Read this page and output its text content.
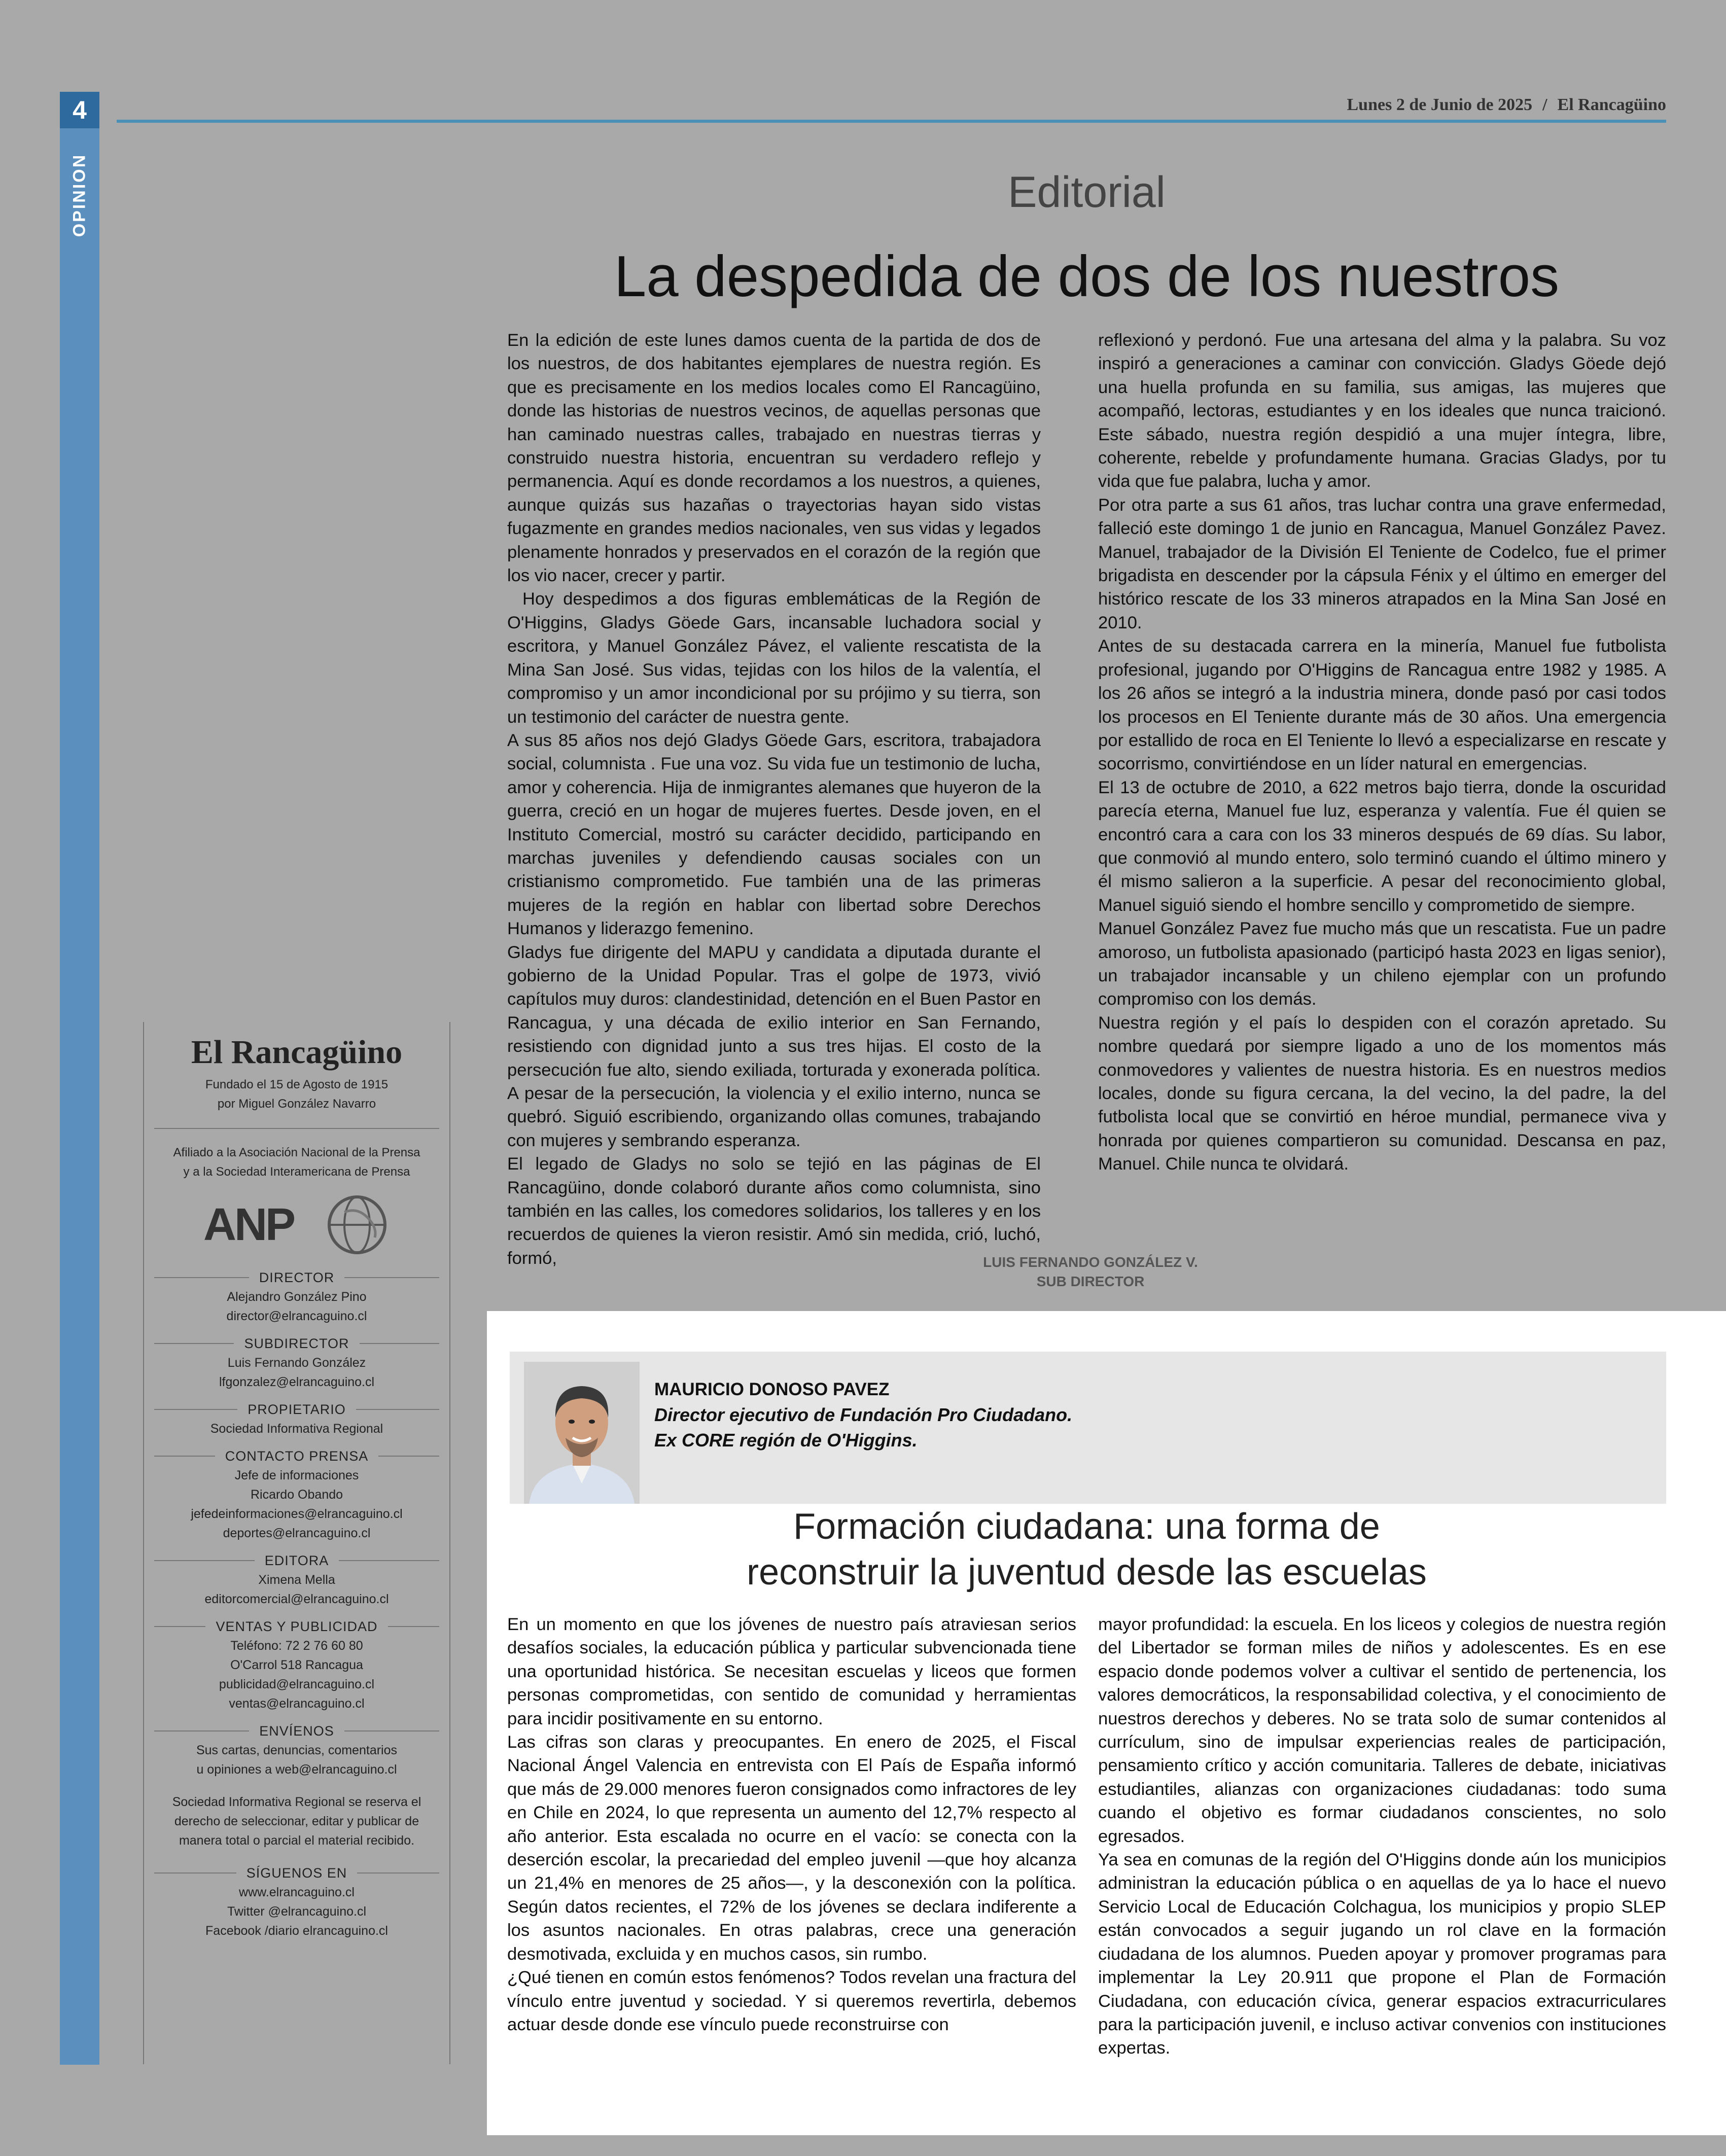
4
OPINION
Lunes 2 de Junio de 2025 / El Rancagüino
Editorial
La despedida de dos de los nuestros

En la edición de este lunes damos cuenta de la partida de dos de los nuestros, de dos habitantes ejemplares de nuestra región. Es que es precisamente en los medios locales como El Rancagüino, donde las historias de nuestros vecinos, de aquellas personas que han caminado nuestras calles, trabajado en nuestras tierras y construido nuestra historia, encuentran su verdadero reflejo y permanencia. Aquí es donde recordamos a los nuestros, a quienes, aunque quizás sus hazañas o trayectorias hayan sido vistas fugazmente en grandes medios nacionales, ven sus vidas y legados plenamente honrados y preservados en el corazón de la región que los vio nacer, crecer y partir.

Hoy despedimos a dos figuras emblemáticas de la Región de O'Higgins, Gladys Göede Gars, incansable luchadora social y escritora, y Manuel González Pávez, el valiente rescatista de la Mina San José. Sus vidas, tejidas con los hilos de la valentía, el compromiso y un amor incondicional por su prójimo y su tierra, son un testimonio del carácter de nuestra gente.

A sus 85 años nos dejó Gladys Göede Gars, escritora, trabajadora social, columnista . Fue una voz. Su vida fue un testimonio de lucha, amor y coherencia. Hija de inmigrantes alemanes que huyeron de la guerra, creció en un hogar de mujeres fuertes. Desde joven, en el Instituto Comercial, mostró su carácter decidido, participando en marchas juveniles y defendiendo causas sociales con un cristianismo comprometido. Fue también una de las primeras mujeres de la región en hablar con libertad sobre Derechos Humanos y liderazgo femenino.

Gladys fue dirigente del MAPU y candidata a diputada durante el gobierno de la Unidad Popular. Tras el golpe de 1973, vivió capítulos muy duros: clandestinidad, detención en el Buen Pastor en Rancagua, y una década de exilio interior en San Fernando, resistiendo con dignidad junto a sus tres hijas. El costo de la persecución fue alto, siendo exiliada, torturada y exonerada política. A pesar de la persecución, la violencia y el exilio interno, nunca se quebró. Siguió escribiendo, organizando ollas comunes, trabajando con mujeres y sembrando esperanza.

El legado de Gladys no solo se tejió en las páginas de El Rancagüino, donde colaboró durante años como columnista, sino también en las calles, los comedores solidarios, los talleres y en los recuerdos de quienes la vieron resistir. Amó sin medida, crió, luchó, formó,

reflexionó y perdonó. Fue una artesana del alma y la palabra. Su voz inspiró a generaciones a caminar con convicción. Gladys Göede dejó una huella profunda en su familia, sus amigas, las mujeres que acompañó, lectoras, estudiantes y en los ideales que nunca traicionó. Este sábado, nuestra región despidió a una mujer íntegra, libre, coherente, rebelde y profundamente humana. Gracias Gladys, por tu vida que fue palabra, lucha y amor.

Por otra parte a sus 61 años, tras luchar contra una grave enfermedad, falleció este domingo 1 de junio en Rancagua, Manuel González Pavez. Manuel, trabajador de la División El Teniente de Codelco, fue el primer brigadista en descender por la cápsula Fénix y el último en emerger del histórico rescate de los 33 mineros atrapados en la Mina San José en 2010.

Antes de su destacada carrera en la minería, Manuel fue futbolista profesional, jugando por O'Higgins de Rancagua entre 1982 y 1985. A los 26 años se integró a la industria minera, donde pasó por casi todos los procesos en El Teniente durante más de 30 años. Una emergencia por estallido de roca en El Teniente lo llevó a especializarse en rescate y socorrismo, convirtiéndose en un líder natural en emergencias.

El 13 de octubre de 2010, a 622 metros bajo tierra, donde la oscuridad parecía eterna, Manuel fue luz, esperanza y valentía. Fue él quien se encontró cara a cara con los 33 mineros después de 69 días. Su labor, que conmovió al mundo entero, solo terminó cuando el último minero y él mismo salieron a la superficie. A pesar del reconocimiento global, Manuel siguió siendo el hombre sencillo y comprometido de siempre.

Manuel González Pavez fue mucho más que un rescatista. Fue un padre amoroso, un futbolista apasionado (participó hasta 2023 en ligas senior), un trabajador incansable y un chileno ejemplar con un profundo compromiso con los demás.

Nuestra región y el país lo despiden con el corazón apretado. Su nombre quedará por siempre ligado a uno de los momentos más conmovedores y valientes de nuestra historia. Es en nuestros medios locales, donde su figura cercana, la del vecino, la del padre, la del futbolista local que se convirtió en héroe mundial, permanece viva y honrada por quienes compartieron su comunidad. Descansa en paz, Manuel. Chile nunca te olvidará.

LUIS FERNANDO GONZÁLEZ V.
SUB DIRECTOR
El Rancagüino
Fundado el 15 de Agosto de 1915
por Miguel González Navarro
Afiliado a la Asociación Nacional de la Prensa
y a la Sociedad Interamericana de Prensa
ANP
DIRECTOR
Alejandro González Pino
director@elrancaguino.cl
SUBDIRECTOR
Luis Fernando González
lfgonzalez@elrancaguino.cl
PROPIETARIO
Sociedad Informativa Regional
CONTACTO PRENSA
Jefe de informaciones
Ricardo Obando
jefedeinformaciones@elrancaguino.cl
deportes@elrancaguino.cl
EDITORA
Ximena Mella
editorcomercial@elrancaguino.cl
VENTAS Y PUBLICIDAD
Teléfono: 72 2 76 60 80
O'Carrol 518 Rancagua
publicidad@elrancaguino.cl
ventas@elrancaguino.cl
ENVÍENOS
Sus cartas, denuncias, comentarios
u opiniones a web@elrancaguino.cl
Sociedad Informativa Regional se reserva el
derecho de seleccionar, editar y publicar de
manera total o parcial el material recibido.
SÍGUENOS EN
www.elrancaguino.cl
Twitter @elrancaguino.cl
Facebook /diario elrancaguino.cl
MAURICIO DONOSO PAVEZ
Director ejecutivo de Fundación Pro Ciudadano.
Ex CORE región de O'Higgins.
Formación ciudadana: una forma de
reconstruir la juventud desde las escuelas

En un momento en que los jóvenes de nuestro país atraviesan serios desafíos sociales, la educación pública y particular subvencionada tiene una oportunidad histórica. Se necesitan escuelas y liceos que formen personas comprometidas, con sentido de comunidad y herramientas para incidir positivamente en su entorno.

Las cifras son claras y preocupantes. En enero de 2025, el Fiscal Nacional Ángel Valencia en entrevista con El País de España informó que más de 29.000 menores fueron consignados como infractores de ley en Chile en 2024, lo que representa un aumento del 12,7% respecto al año anterior. Esta escalada no ocurre en el vacío: se conecta con la deserción escolar, la precariedad del empleo juvenil —que hoy alcanza un 21,4% en menores de 25 años—, y la desconexión con la política. Según datos recientes, el 72% de los jóvenes se declara indiferente a los asuntos nacionales. En otras palabras, crece una generación desmotivada, excluida y en muchos casos, sin rumbo.

¿Qué tienen en común estos fenómenos? Todos revelan una fractura del vínculo entre juventud y sociedad. Y si queremos revertirla, debemos actuar desde donde ese vínculo puede reconstruirse con

mayor profundidad: la escuela. En los liceos y colegios de nuestra región del Libertador se forman miles de niños y adolescentes. Es en ese espacio donde podemos volver a cultivar el sentido de pertenencia, los valores democráticos, la responsabilidad colectiva, y el conocimiento de nuestros derechos y deberes. No se trata solo de sumar contenidos al currículum, sino de impulsar experiencias reales de participación, pensamiento crítico y acción comunitaria. Talleres de debate, iniciativas estudiantiles, alianzas con organizaciones ciudadanas: todo suma cuando el objetivo es formar ciudadanos conscientes, no solo egresados.

Ya sea en comunas de la región del O'Higgins donde aún los municipios administran la educación pública o en aquellas de ya lo hace el nuevo Servicio Local de Educación Colchagua, los municipios y propio SLEP están convocados a seguir jugando un rol clave en la formación ciudadana de los alumnos. Pueden apoyar y promover programas para implementar la Ley 20.911 que propone el Plan de Formación Ciudadana, con educación cívica, generar espacios extracurriculares para la participación juvenil, e incluso activar convenios con instituciones expertas.
